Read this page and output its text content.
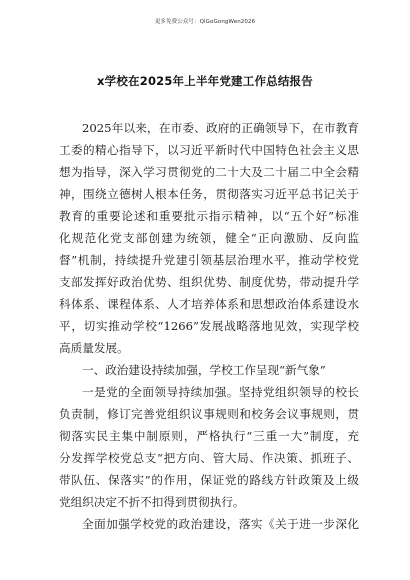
更多免费公众号：QiGoGongWen2026
x学校在2025年上半年党建工作总结报告
2025年以来，在市委、政府的正确领导下，在市教育
工委的精心指导下，以习近平新时代中国特色社会主义思
想为指导，深入学习贯彻党的二十大及二十届二中全会精
神，围绕立德树人根本任务，贯彻落实习近平总书记关于
教育的重要论述和重要批示指示精神，以“五个好”标准
化规范化党支部创建为统领，健全“正向激励、反向监
督”机制，持续提升党建引领基层治理水平，推动学校党
支部发挥好政治优势、组织优势、制度优势，带动提升学
科体系、课程体系、人才培养体系和思想政治体系建设水
平，切实推动学校“1266”发展战略落地见效，实现学校
高质量发展。
一、政治建设持续加强，学校工作呈现“新气象”
一是党的全面领导持续加强。坚持党组织领导的校长
负责制，修订完善党组织议事规则和校务会议事规则，贯
彻落实民主集中制原则，严格执行“三重一大”制度，充
分发挥学校党总支“把方向、管大局、作决策、抓班子、
带队伍、保落实”的作用，保证党的路线方针政策及上级
党组织决定不折不扣得到贯彻执行。
全面加强学校党的政治建设，落实《关于进一步深化
